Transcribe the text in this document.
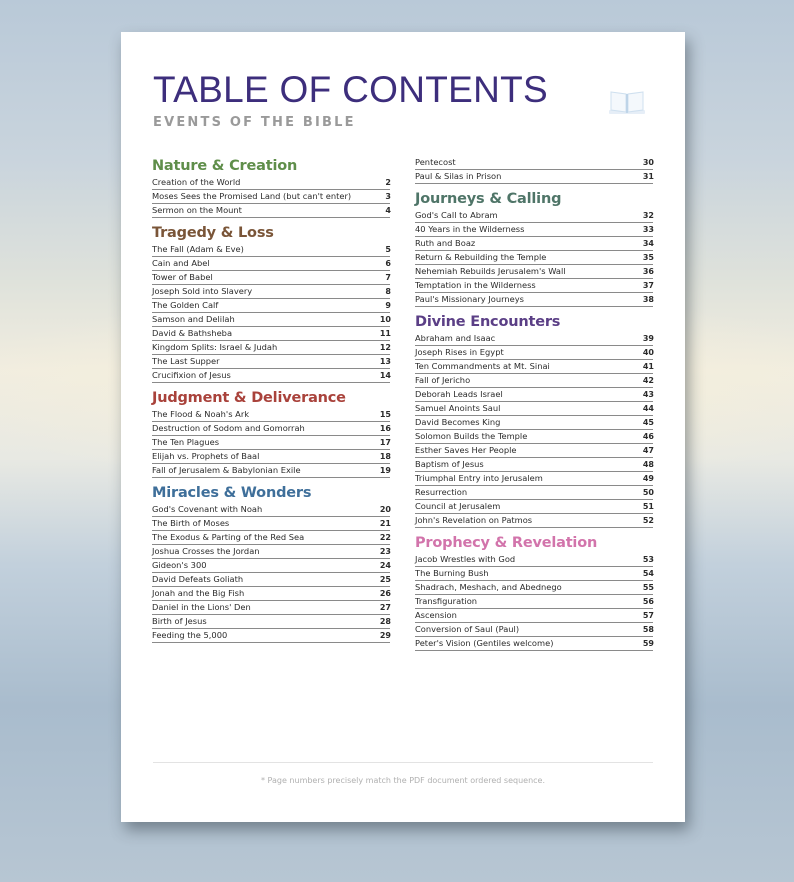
TABLE OF CONTENTS
EVENTS OF THE BIBLE
Nature & Creation
Creation of the World	2
Moses Sees the Promised Land (but can't enter)	3
Sermon on the Mount	4
Tragedy & Loss
The Fall (Adam & Eve)	5
Cain and Abel	6
Tower of Babel	7
Joseph Sold into Slavery	8
The Golden Calf	9
Samson and Delilah	10
David & Bathsheba	11
Kingdom Splits: Israel & Judah	12
The Last Supper	13
Crucifixion of Jesus	14
Judgment & Deliverance
The Flood & Noah's Ark	15
Destruction of Sodom and Gomorrah	16
The Ten Plagues	17
Elijah vs. Prophets of Baal	18
Fall of Jerusalem & Babylonian Exile	19
Miracles & Wonders
God's Covenant with Noah	20
The Birth of Moses	21
The Exodus & Parting of the Red Sea	22
Joshua Crosses the Jordan	23
Gideon's 300	24
David Defeats Goliath	25
Jonah and the Big Fish	26
Daniel in the Lions' Den	27
Birth of Jesus	28
Feeding the 5,000	29
Pentecost	30
Paul & Silas in Prison	31
Journeys & Calling
God's Call to Abram	32
40 Years in the Wilderness	33
Ruth and Boaz	34
Return & Rebuilding the Temple	35
Nehemiah Rebuilds Jerusalem's Wall	36
Temptation in the Wilderness	37
Paul's Missionary Journeys	38
Divine Encounters
Abraham and Isaac	39
Joseph Rises in Egypt	40
Ten Commandments at Mt. Sinai	41
Fall of Jericho	42
Deborah Leads Israel	43
Samuel Anoints Saul	44
David Becomes King	45
Solomon Builds the Temple	46
Esther Saves Her People	47
Baptism of Jesus	48
Triumphal Entry into Jerusalem	49
Resurrection	50
Council at Jerusalem	51
John's Revelation on Patmos	52
Prophecy & Revelation
Jacob Wrestles with God	53
The Burning Bush	54
Shadrach, Meshach, and Abednego	55
Transfiguration	56
Ascension	57
Conversion of Saul (Paul)	58
Peter's Vision (Gentiles welcome)	59
* Page numbers precisely match the PDF document ordered sequence.
